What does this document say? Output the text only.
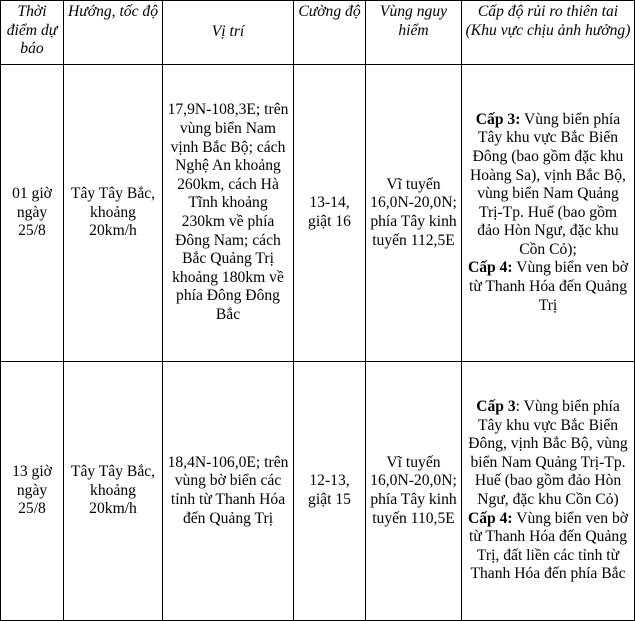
Thời điểm dự báo	Hướng, tốc độ	Vị trí	Cường độ	Vùng nguy hiểm	Cấp độ rủi ro thiên tai (Khu vực chịu ảnh hưởng)
01 giờ ngày 25/8	Tây Tây Bắc, khoảng 20km/h	17,9N-108,3E; trên vùng biển Nam vịnh Bắc Bộ; cách Nghệ An khoảng 260km, cách Hà Tĩnh khoảng 230km về phía Đông Nam; cách Bắc Quảng Trị khoảng 180km về phía Đông Đông Bắc	13-14, giật 16	Vĩ tuyến 16,0N-20,0N; phía Tây kinh tuyến 112,5E	Cấp 3: Vùng biển phía Tây khu vực Bắc Biển Đông (bao gồm đặc khu Hoàng Sa), vịnh Bắc Bộ, vùng biển Nam Quảng Trị-Tp. Huế (bao gồm đảo Hòn Ngư, đặc khu Cồn Cỏ);
Cấp 4: Vùng biển ven bờ từ Thanh Hóa đến Quảng Trị

13 giờ ngày 25/8	Tây Tây Bắc, khoảng 20km/h	18,4N-106,0E; trên vùng bờ biển các tỉnh từ Thanh Hóa đến Quảng Trị	12-13, giật 15	Vĩ tuyến 16,0N-20,0N; phía Tây kinh tuyến 110,5E	Cấp 3: Vùng biển phía Tây khu vực Bắc Biển Đông, vịnh Bắc Bộ, vùng biển Nam Quảng Trị-Tp. Huế (bao gồm đảo Hòn Ngư, đặc khu Cồn Cỏ)
Cấp 4: Vùng biển ven bờ từ Thanh Hóa đến Quảng Trị, đất liền các tỉnh từ Thanh Hóa đến phía Bắc
